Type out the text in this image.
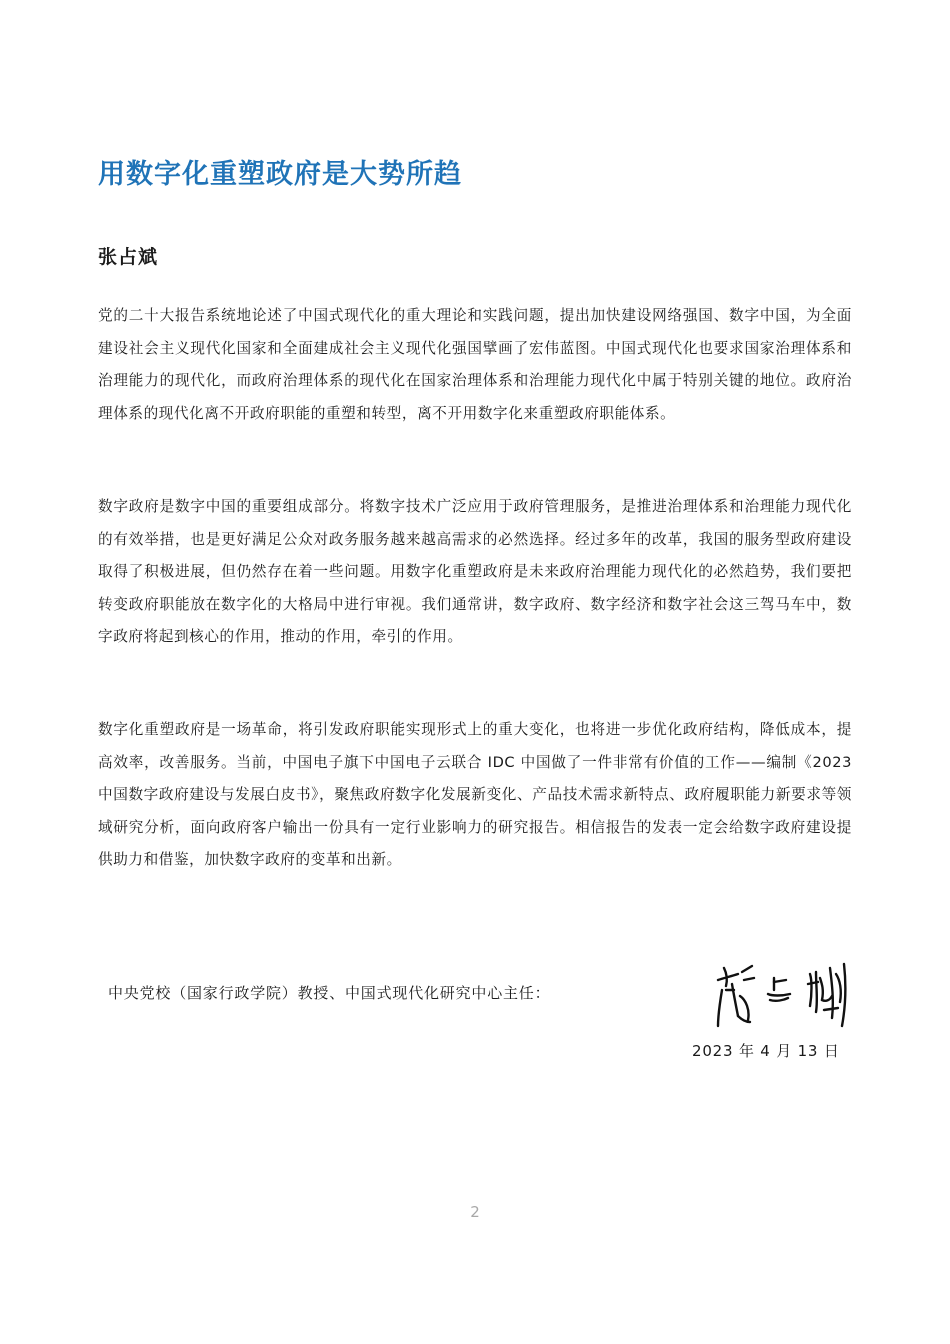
用数字化重塑政府是大势所趋
张占斌

党的二十大报告系统地论述了中国式现代化的重大理论和实践问题，提出加快建设网络强国、数字中国，为全面建设社会主义现代化国家和全面建成社会主义现代化强国擘画了宏伟蓝图。中国式现代化也要求国家治理体系和治理能力的现代化，而政府治理体系的现代化在国家治理体系和治理能力现代化中属于特别关键的地位。政府治理体系的现代化离不开政府职能的重塑和转型，离不开用数字化来重塑政府职能体系。

数字政府是数字中国的重要组成部分。将数字技术广泛应用于政府管理服务，是推进治理体系和治理能力现代化的有效举措，也是更好满足公众对政务服务越来越高需求的必然选择。经过多年的改革，我国的服务型政府建设取得了积极进展，但仍然存在着一些问题。用数字化重塑政府是未来政府治理能力现代化的必然趋势，我们要把转变政府职能放在数字化的大格局中进行审视。我们通常讲，数字政府、数字经济和数字社会这三驾马车中，数字政府将起到核心的作用，推动的作用，牵引的作用。

数字化重塑政府是一场革命，将引发政府职能实现形式上的重大变化，也将进一步优化政府结构，降低成本，提高效率，改善服务。当前，中国电子旗下中国电子云联合 IDC 中国做了一件非常有价值的工作——编制《2023 中国数字政府建设与发展白皮书》，聚焦政府数字化发展新变化、产品技术需求新特点、政府履职能力新要求等领域研究分析，面向政府客户输出一份具有一定行业影响力的研究报告。相信报告的发表一定会给数字政府建设提供助力和借鉴，加快数字政府的变革和出新。

中央党校（国家行政学院）教授、中国式现代化研究中心主任：

2023 年 4 月 13 日

2
